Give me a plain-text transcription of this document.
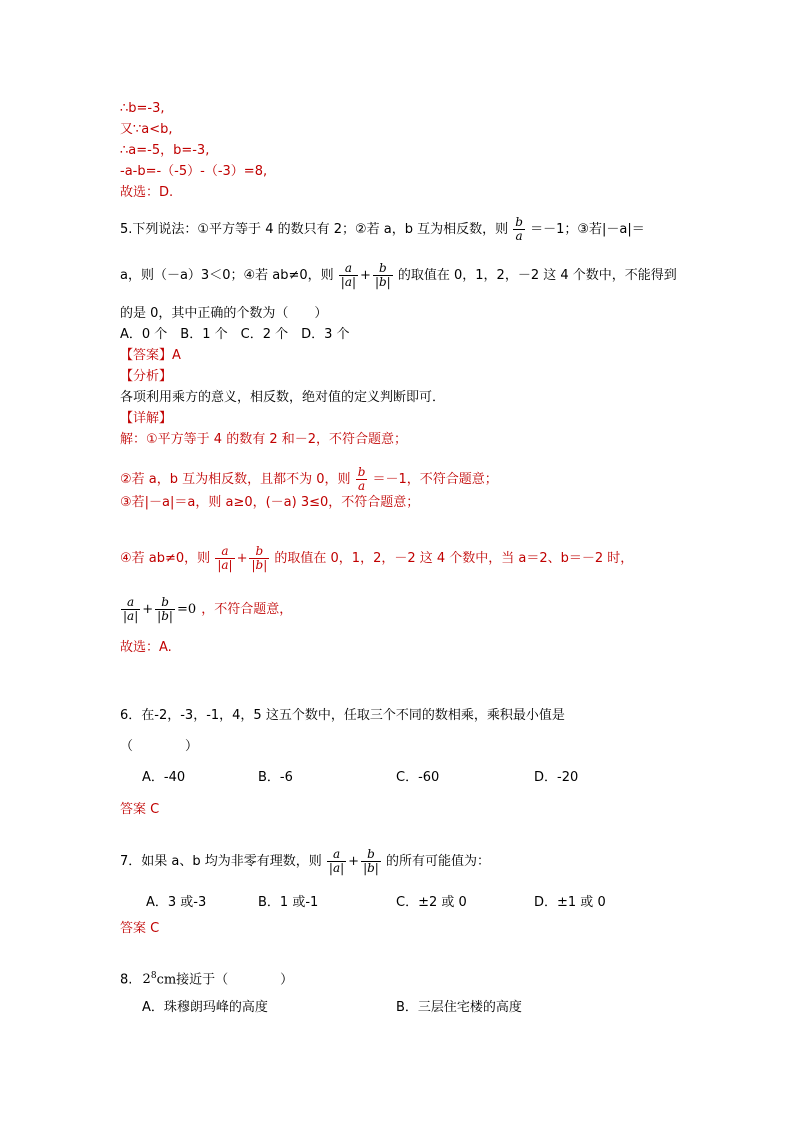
∴b=-3,
又∵a<b,
∴a=-5，b=-3,
-a-b=-（-5）-（-3）=8,
故选：D.
5.下列说法：①平方等于 4 的数只有 2；②若 a，b 互为相反数，则 $\frac{b}{a} =-1$；③若|－a|＝
a，则（－a）3＜0；④若 ab≠0，则 $\frac{a}{|a|} + \frac{b}{|b|}$ 的取值在 0，1，2，－2 这 4 个数中，不能得到
的是 0，其中正确的个数为（　　）
A．0 个　B．1 个　C．2 个　D．3 个
【答案】A
【分析】
各项利用乘方的意义，相反数，绝对值的定义判断即可．
【详解】
解：①平方等于 4 的数有 2 和－2，不符合题意；
②若 a，b 互为相反数，且都不为 0，则 $\frac{b}{a} =-1$，不符合题意；
③若|－a|＝a，则 a≥0，(－a) 3≤0，不符合题意；
④若 ab≠0，则 $\frac{a}{|a|} + \frac{b}{|b|}$ 的取值在 0，1，2，－2 这 4 个数中，当 a＝2、b＝－2 时，
$\frac{a}{|a|} + \frac{b}{|b|} =0$ ，不符合题意，
故选：A.
6．在-2，-3，-1，4，5 这五个数中，任取三个不同的数相乘，乘积最小值是
（　　　　）
A．-40	B．-6	C．-60	D．-20
答案 C
7．如果 a、b 均为非零有理数，则 $\frac{a}{|a|} + \frac{b}{|b|}$ 的所有可能值为：
A．3 或-3	B．1 或-1	C．±2 或 0	D．±1 或 0
答案 C
8. $2^8cm$接近于（　　　　）
A．珠穆朗玛峰的高度	B．三层住宅楼的高度
